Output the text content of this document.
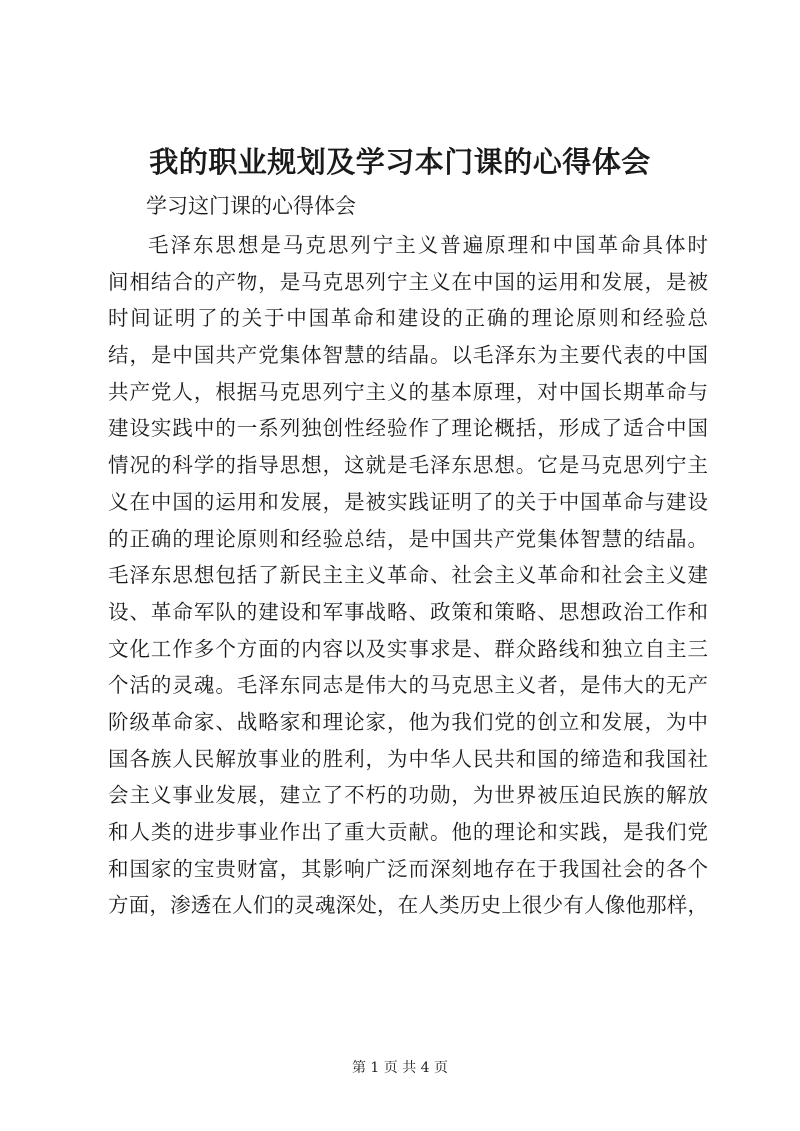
我的职业规划及学习本门课的心得体会

学习这门课的心得体会

毛泽东思想是马克思列宁主义普遍原理和中国革命具体时
间相结合的产物，是马克思列宁主义在中国的运用和发展，是被
时间证明了的关于中国革命和建设的正确的理论原则和经验总
结，是中国共产党集体智慧的结晶。以毛泽东为主要代表的中国
共产党人，根据马克思列宁主义的基本原理，对中国长期革命与
建设实践中的一系列独创性经验作了理论概括，形成了适合中国
情况的科学的指导思想，这就是毛泽东思想。它是马克思列宁主
义在中国的运用和发展，是被实践证明了的关于中国革命与建设
的正确的理论原则和经验总结，是中国共产党集体智慧的结晶。
毛泽东思想包括了新民主主义革命、社会主义革命和社会主义建
设、革命军队的建设和军事战略、政策和策略、思想政治工作和
文化工作多个方面的内容以及实事求是、群众路线和独立自主三
个活的灵魂。毛泽东同志是伟大的马克思主义者，是伟大的无产
阶级革命家、战略家和理论家，他为我们党的创立和发展，为中
国各族人民解放事业的胜利，为中华人民共和国的缔造和我国社
会主义事业发展，建立了不朽的功勋，为世界被压迫民族的解放
和人类的进步事业作出了重大贡献。他的理论和实践，是我们党
和国家的宝贵财富，其影响广泛而深刻地存在于我国社会的各个
方面，渗透在人们的灵魂深处，在人类历史上很少有人像他那样，
第 1 页 共 4 页
